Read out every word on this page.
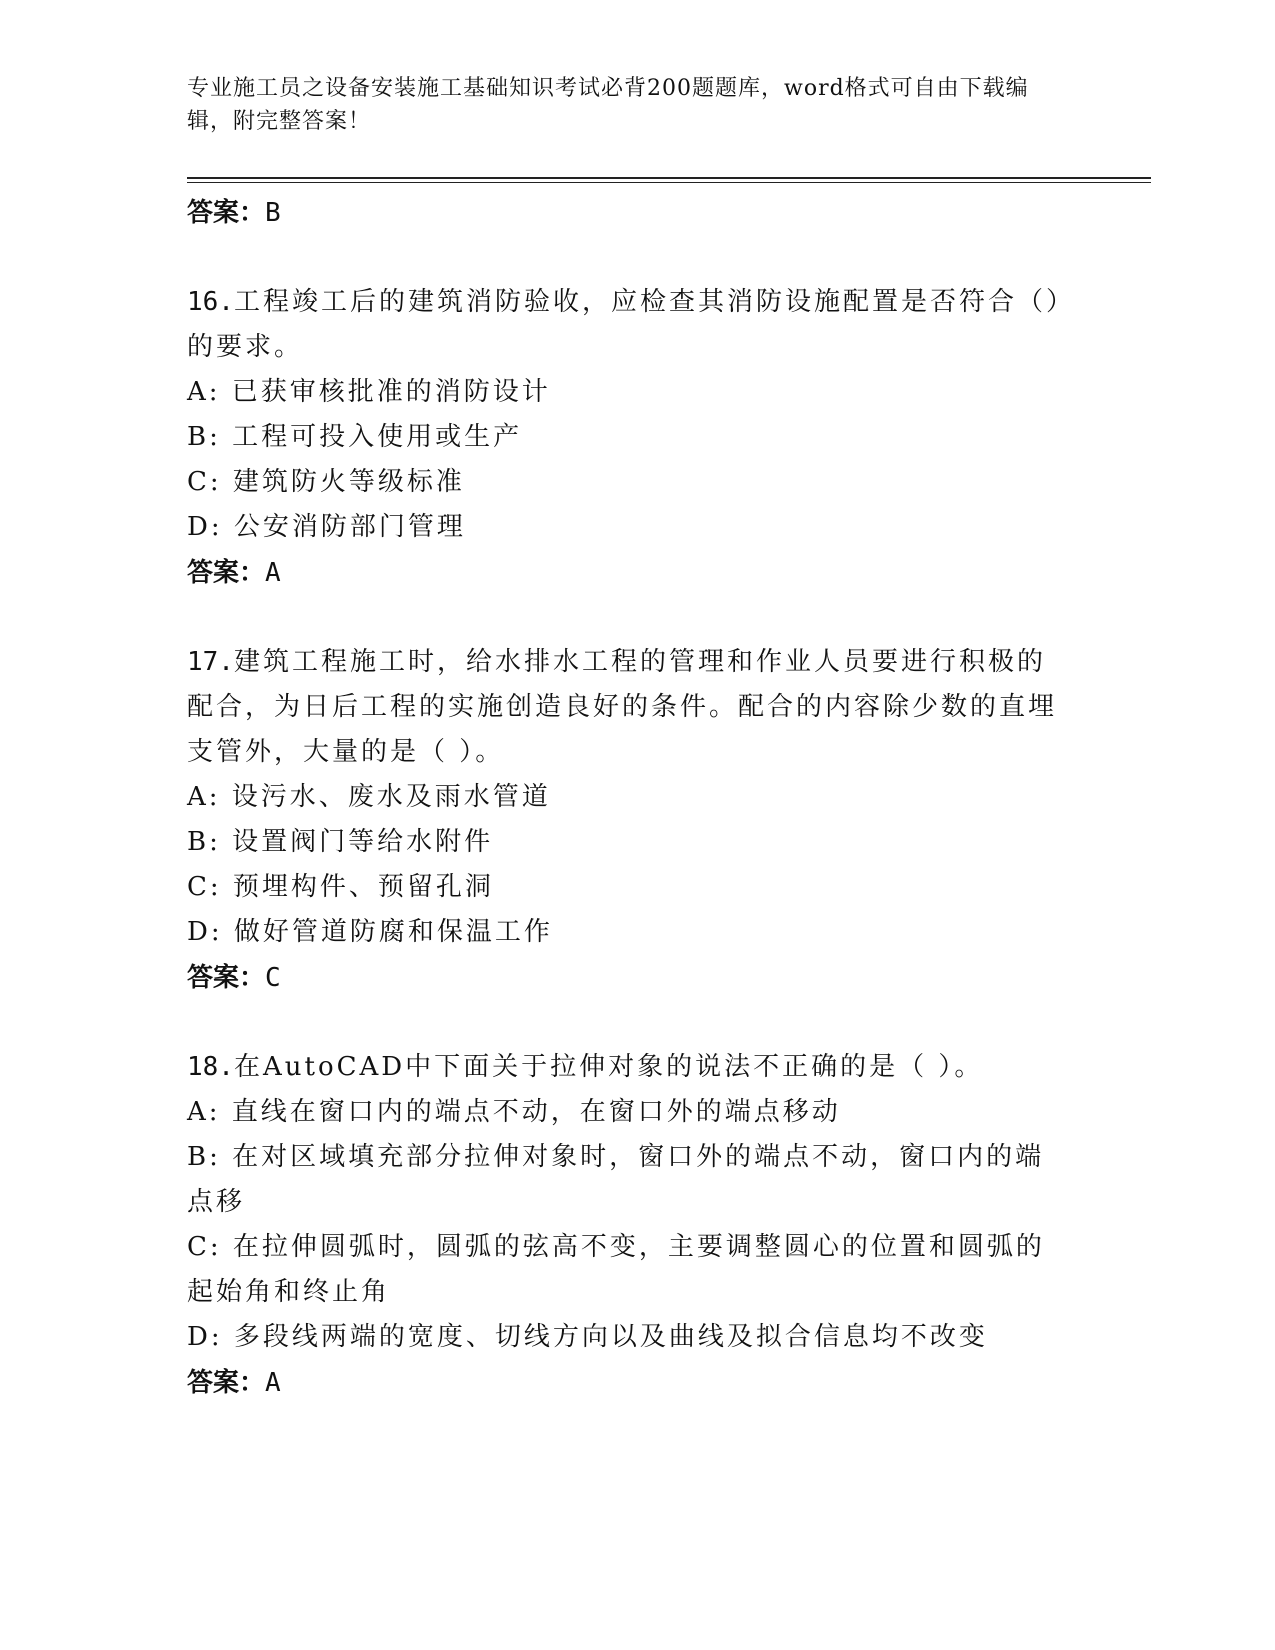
专业施工员之设备安装施工基础知识考试必背200题题库，word格式可自由下载编辑，附完整答案！

答案：B

16.工程竣工后的建筑消防验收，应检查其消防设施配置是否符合（）的要求。

A: 已获审核批准的消防设计

B: 工程可投入使用或生产

C: 建筑防火等级标准

D: 公安消防部门管理

答案：A

17.建筑工程施工时，给水排水工程的管理和作业人员要进行积极的配合，为日后工程的实施创造良好的条件。配合的内容除少数的直埋支管外，大量的是（ ）。

A: 设污水、废水及雨水管道

B: 设置阀门等给水附件

C: 预埋构件、预留孔洞

D: 做好管道防腐和保温工作

答案：C

18.在AutoCAD中下面关于拉伸对象的说法不正确的是（ ）。

A: 直线在窗口内的端点不动，在窗口外的端点移动

B: 在对区域填充部分拉伸对象时，窗口外的端点不动，窗口内的端点移

C: 在拉伸圆弧时，圆弧的弦高不变，主要调整圆心的位置和圆弧的起始角和终止角

D: 多段线两端的宽度、切线方向以及曲线及拟合信息均不改变

答案：A
